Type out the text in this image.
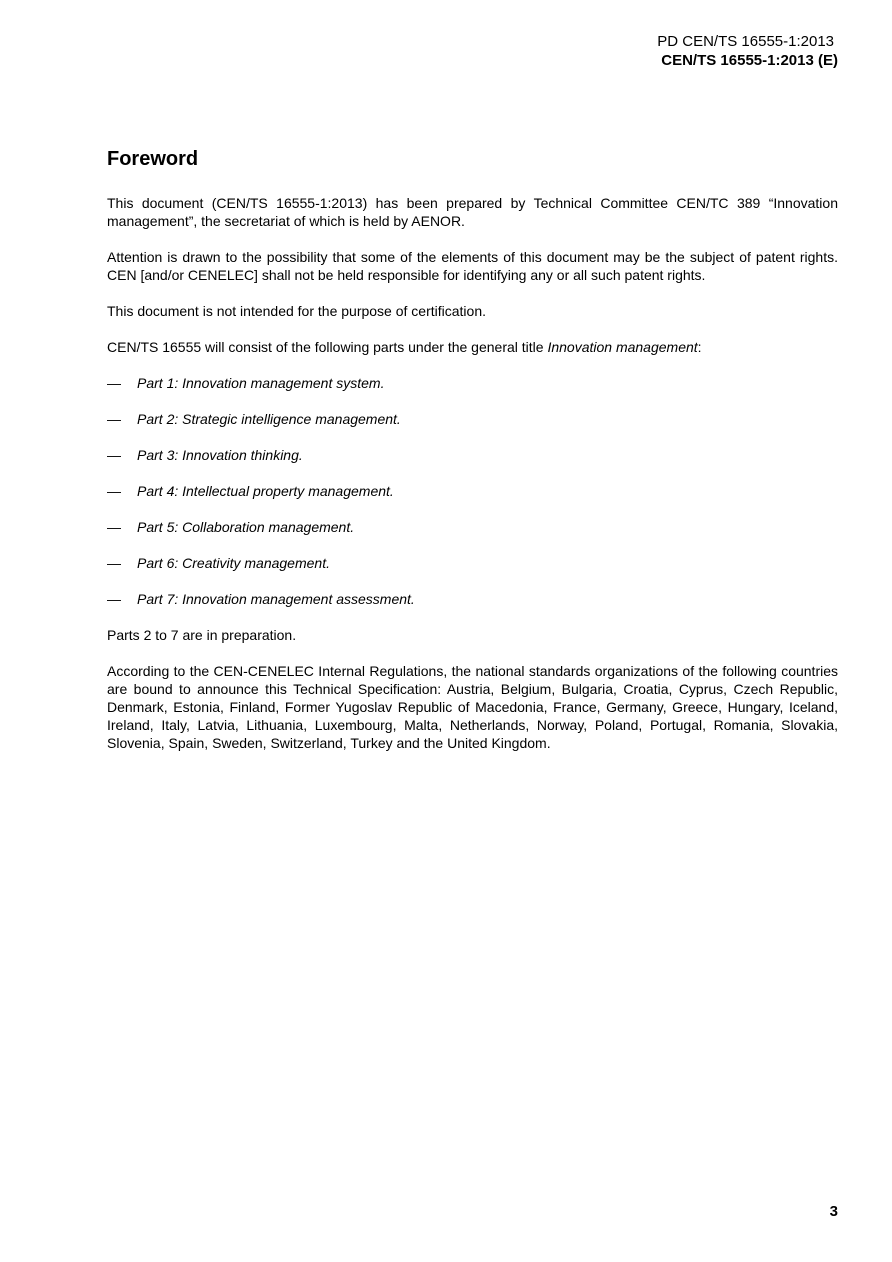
PD CEN/TS 16555-1:2013
CEN/TS 16555-1:2013 (E)
Foreword

This document (CEN/TS 16555-1:2013) has been prepared by Technical Committee CEN/TC 389 “Innovation management”, the secretariat of which is held by AENOR.

Attention is drawn to the possibility that some of the elements of this document may be the subject of patent rights. CEN [and/or CENELEC] shall not be held responsible for identifying any or all such patent rights.

This document is not intended for the purpose of certification.

CEN/TS 16555 will consist of the following parts under the general title Innovation management:

— Part 1: Innovation management system.
— Part 2: Strategic intelligence management.
— Part 3: Innovation thinking.
— Part 4: Intellectual property management.
— Part 5: Collaboration management.
— Part 6: Creativity management.
— Part 7: Innovation management assessment.

Parts 2 to 7 are in preparation.

According to the CEN-CENELEC Internal Regulations, the national standards organizations of the following countries are bound to announce this Technical Specification: Austria, Belgium, Bulgaria, Croatia, Cyprus, Czech Republic, Denmark, Estonia, Finland, Former Yugoslav Republic of Macedonia, France, Germany, Greece, Hungary, Iceland, Ireland, Italy, Latvia, Lithuania, Luxembourg, Malta, Netherlands, Norway, Poland, Portugal, Romania, Slovakia, Slovenia, Spain, Sweden, Switzerland, Turkey and the United Kingdom.

3
